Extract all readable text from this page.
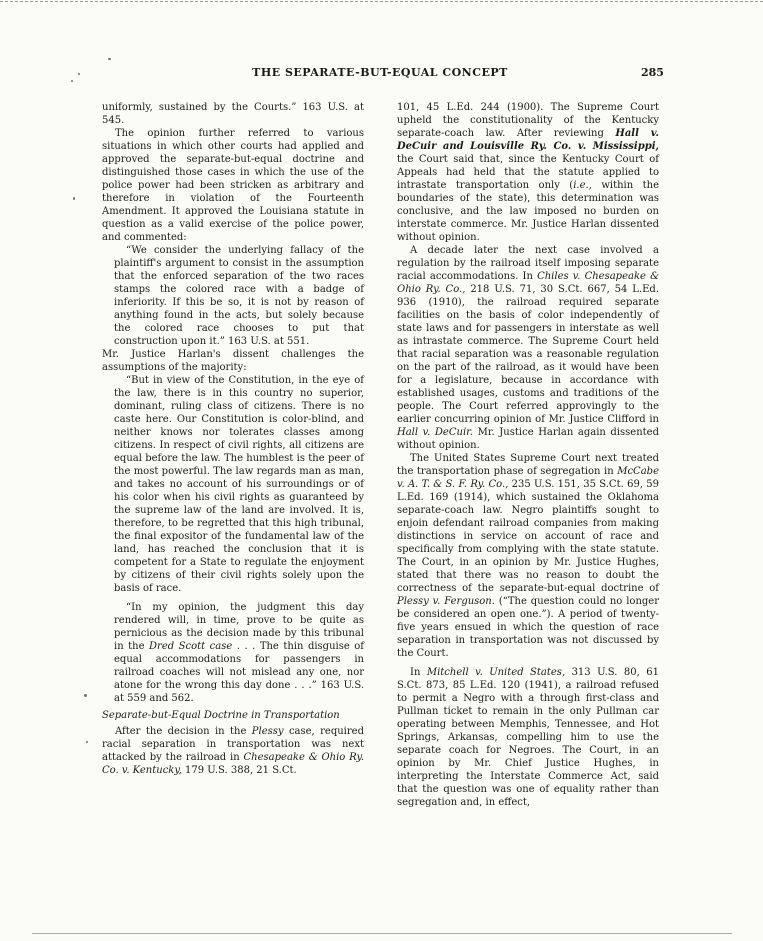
THE SEPARATE-BUT-EQUAL CONCEPT	285

uniformly, sustained by the Courts.” 163 U.S. at 545.

The opinion further referred to various situations in which other courts had applied and approved the separate-but-equal doctrine and distinguished those cases in which the use of the police power had been stricken as arbitrary and therefore in violation of the Fourteenth Amendment. It approved the Louisiana statute in question as a valid exercise of the police power, and commented:

“We consider the underlying fallacy of the plaintiff's argument to consist in the assumption that the enforced separation of the two races stamps the colored race with a badge of inferiority. If this be so, it is not by reason of anything found in the acts, but solely because the colored race chooses to put that construction upon it.” 163 U.S. at 551.

Mr. Justice Harlan's dissent challenges the assumptions of the majority:

“But in view of the Constitution, in the eye of the law, there is in this country no superior, dominant, ruling class of citizens. There is no caste here. Our Constitution is color-blind, and neither knows nor tolerates classes among citizens. In respect of civil rights, all citizens are equal before the law. The humblest is the peer of the most powerful. The law regards man as man, and takes no account of his surroundings or of his color when his civil rights as guaranteed by the supreme law of the land are involved. It is, therefore, to be regretted that this high tribunal, the final expositor of the fundamental law of the land, has reached the conclusion that it is competent for a State to regulate the enjoyment by citizens of their civil rights solely upon the basis of race.

“In my opinion, the judgment this day rendered will, in time, prove to be quite as pernicious as the decision made by this tribunal in the Dred Scott case . . . The thin disguise of equal accommodations for passengers in railroad coaches will not mislead any one, nor atone for the wrong this day done . . .” 163 U.S. at 559 and 562.

Separate-but-Equal Doctrine in Transportation

After the decision in the Plessy case, required racial separation in transportation was next attacked by the railroad in Chesapeake & Ohio Ry. Co. v. Kentucky, 179 U.S. 388, 21 S.Ct.

101, 45 L.Ed. 244 (1900). The Supreme Court upheld the constitutionality of the Kentucky separate-coach law. After reviewing Hall v. DeCuir and Louisville Ry. Co. v. Mississippi, the Court said that, since the Kentucky Court of Appeals had held that the statute applied to intrastate transportation only (i.e., within the boundaries of the state), this determination was conclusive, and the law imposed no burden on interstate commerce. Mr. Justice Harlan dissented without opinion.

A decade later the next case involved a regulation by the railroad itself imposing separate racial accommodations. In Chiles v. Chesapeake & Ohio Ry. Co., 218 U.S. 71, 30 S.Ct. 667, 54 L.Ed. 936 (1910), the railroad required separate facilities on the basis of color independently of state laws and for passengers in interstate as well as intrastate commerce. The Supreme Court held that racial separation was a reasonable regulation on the part of the railroad, as it would have been for a legislature, because in accordance with established usages, customs and traditions of the people. The Court referred approvingly to the earlier concurring opinion of Mr. Justice Clifford in Hall v. DeCuir. Mr. Justice Harlan again dissented without opinion.

The United States Supreme Court next treated the transportation phase of segregation in McCabe v. A. T. & S. F. Ry. Co., 235 U.S. 151, 35 S.Ct. 69, 59 L.Ed. 169 (1914), which sustained the Oklahoma separate-coach law. Negro plaintiffs sought to enjoin defendant railroad companies from making distinctions in service on account of race and specifically from complying with the state statute. The Court, in an opinion by Mr. Justice Hughes, stated that there was no reason to doubt the correctness of the separate-but-equal doctrine of Plessy v. Ferguson. (“The question could no longer be considered an open one.”). A period of twenty-five years ensued in which the question of race separation in transportation was not discussed by the Court.

In Mitchell v. United States, 313 U.S. 80, 61 S.Ct. 873, 85 L.Ed. 120 (1941), a railroad refused to permit a Negro with a through first-class and Pullman ticket to remain in the only Pullman car operating between Memphis, Tennessee, and Hot Springs, Arkansas, compelling him to use the separate coach for Negroes. The Court, in an opinion by Mr. Chief Justice Hughes, in interpreting the Interstate Commerce Act, said that the question was one of equality rather than segregation and, in effect,
